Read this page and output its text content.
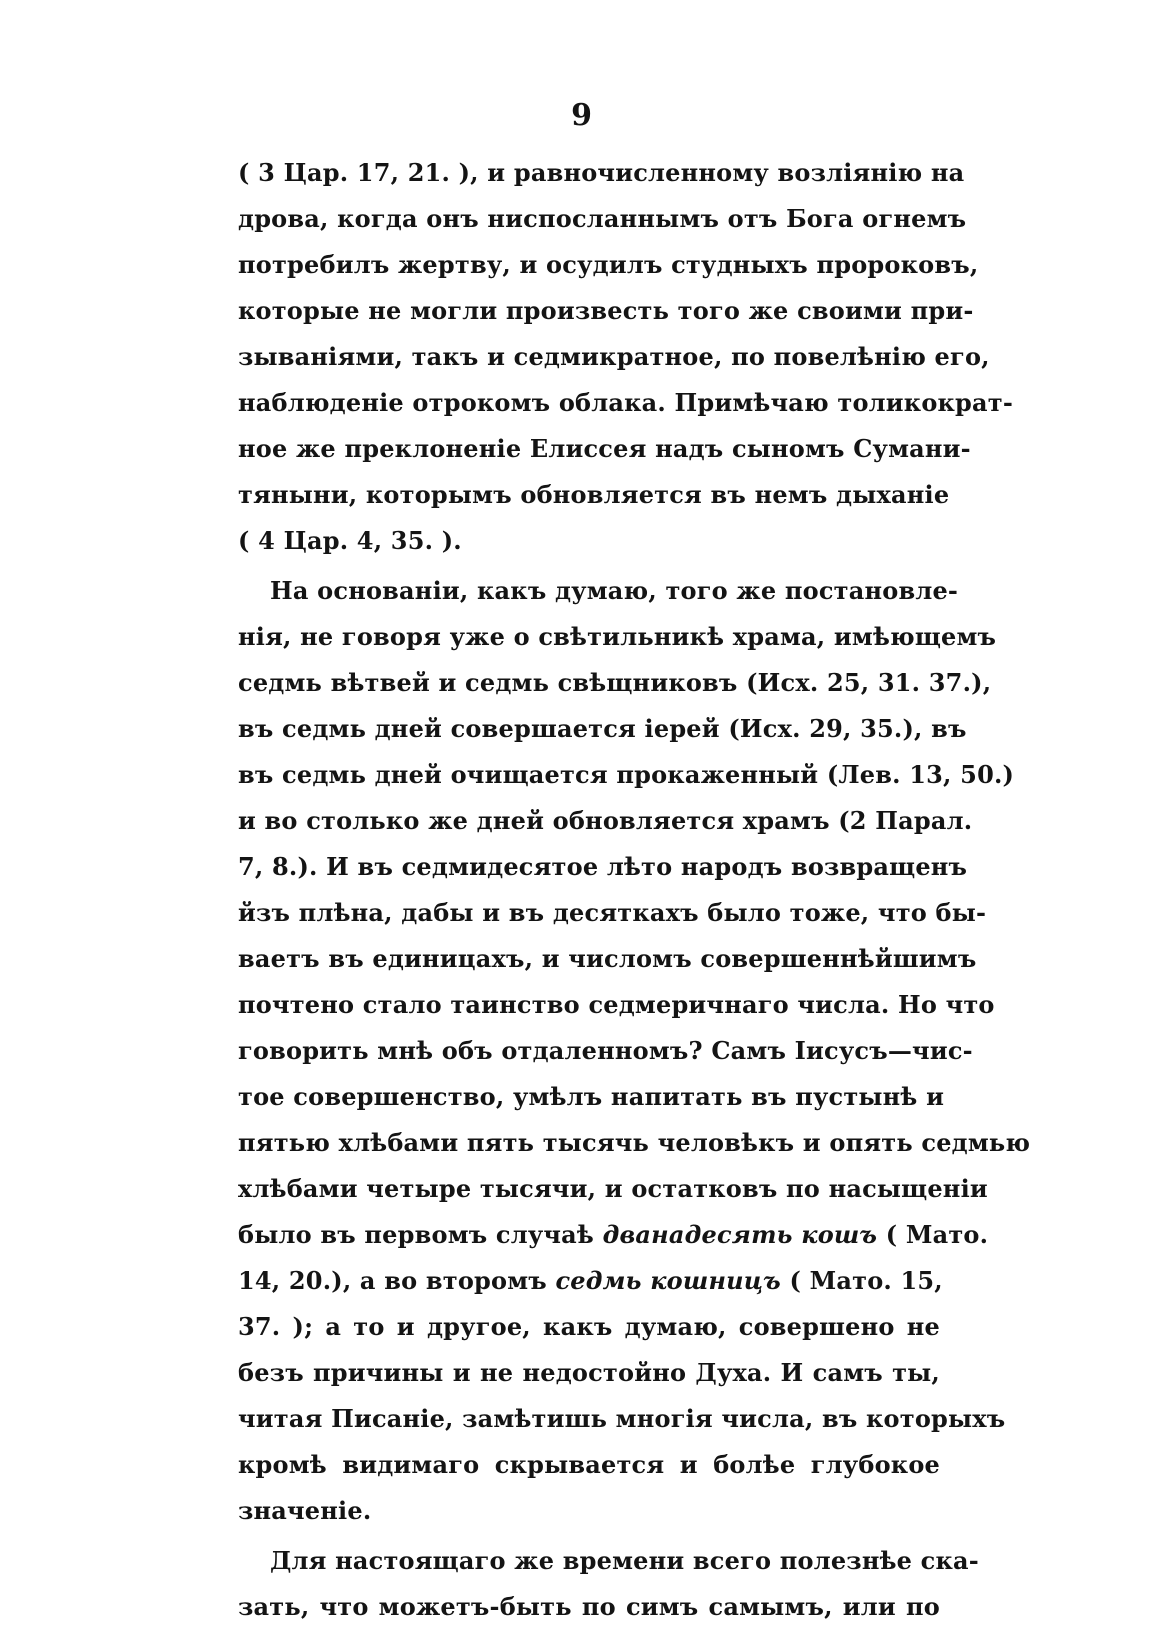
9
( 3 Цар. 17, 21. ), и равночисленному возліянію на
дрова, когда онъ ниспосланнымъ отъ Бога огнемъ
потребилъ жертву, и осудилъ студныхъ пророковъ,
которые не могли произвесть того же своими при-
зываніями, такъ и седмикратное, по повелѣнію его,
наблюденіе отрокомъ облака. Примѣчаю толикократ-
ное же преклоненіе Елиссея надъ сыномъ Сумани-
тяныни, которымъ обновляется въ немъ дыханіе
( 4 Цар. 4, 35. ).
На основаніи, какъ думаю, того же постановле-
нія, не говоря уже о свѣтильникѣ храма, имѣющемъ
седмь вѣтвей и седмь свѣщниковъ (Исх. 25, 31. 37.),
въ седмь дней совершается іерей (Исх. 29, 35.), въ
въ седмь дней очищается прокаженный (Лев. 13, 50.)
и во столько же дней обновляется храмъ (2 Парал.
7, 8.). И въ седмидесятое лѣто народъ возвращенъ
йзъ плѣна, дабы и въ десяткахъ было тоже, что бы-
ваетъ въ единицахъ, и числомъ совершеннѣйшимъ
почтено стало таинство седмеричнаго числа. Но что
говорить мнѣ объ отдаленномъ? Самъ Іисусъ—чис-
тое совершенство, умѣлъ напитать въ пустынѣ и
пятью хлѣбами пять тысячь человѣкъ и опять седмью
хлѣбами четыре тысячи, и остатковъ по насыщеніи
было въ первомъ случаѣ дванадесять кошъ ( Мато.
14, 20.), а во второмъ седмь кошницъ ( Мато. 15,
37. ); а то и другое, какъ думаю, совершено не
безъ причины и не недостойно Духа. И самъ ты,
читая Писаніе, замѣтишь многія числа, въ которыхъ
кромѣ видимаго скрывается и болѣе глубокое
значеніе.
Для настоящаго же времени всего полезнѣе ска-
зать, что можетъ-быть по симъ самымъ, или по
